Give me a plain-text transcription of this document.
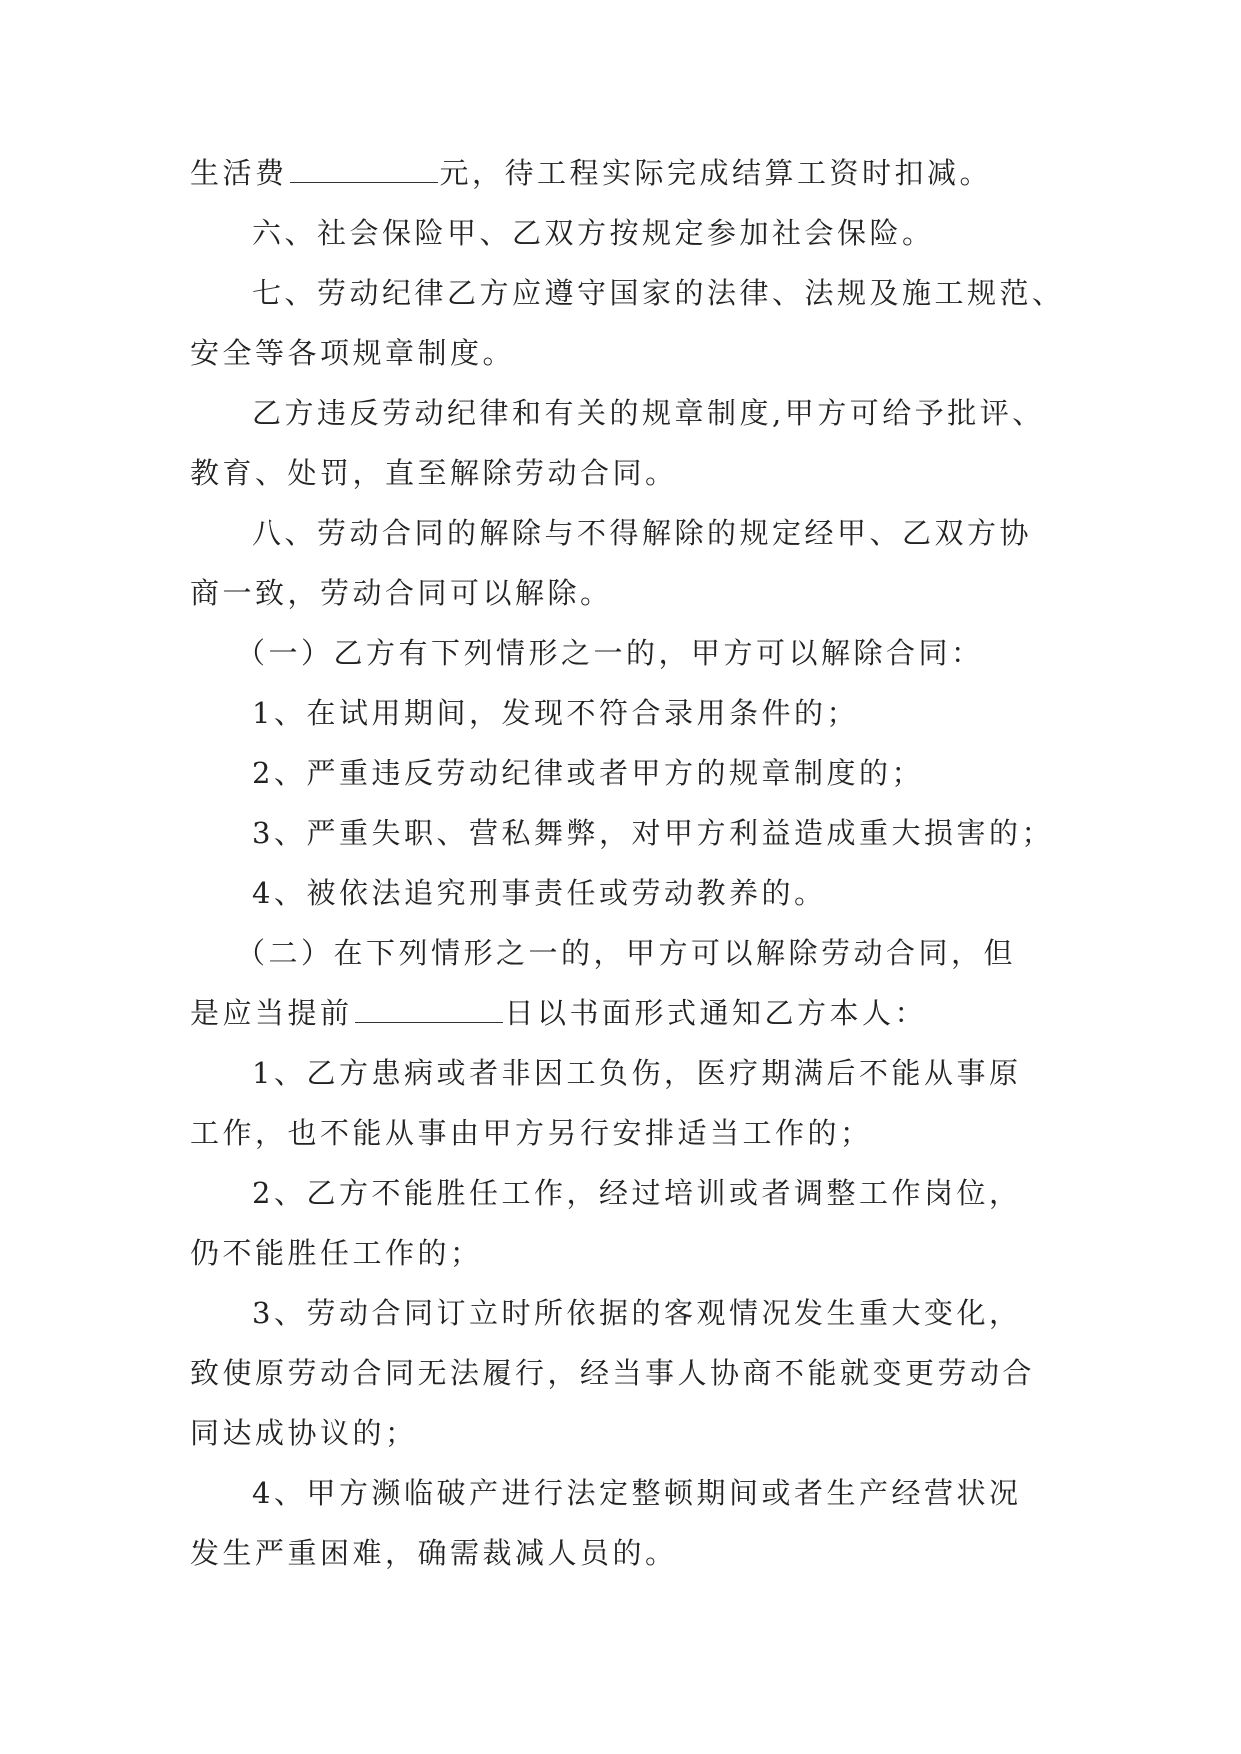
生活费	元，待工程实际完成结算工资时扣减。
六、社会保险甲、乙双方按规定参加社会保险。
七、劳动纪律乙方应遵守国家的法律、法规及施工规范、
安全等各项规章制度。
乙方违反劳动纪律和有关的规章制度,甲方可给予批评、
教育、处罚，直至解除劳动合同。
八、劳动合同的解除与不得解除的规定经甲、乙双方协
商一致，劳动合同可以解除。
（一）乙方有下列情形之一的，甲方可以解除合同：
1、在试用期间，发现不符合录用条件的；
2、严重违反劳动纪律或者甲方的规章制度的；
3、严重失职、营私舞弊，对甲方利益造成重大损害的；
4、被依法追究刑事责任或劳动教养的。
（二）在下列情形之一的，甲方可以解除劳动合同，但
是应当提前	日以书面形式通知乙方本人：
1、乙方患病或者非因工负伤，医疗期满后不能从事原
工作，也不能从事由甲方另行安排适当工作的；
2、乙方不能胜任工作，经过培训或者调整工作岗位，
仍不能胜任工作的；
3、劳动合同订立时所依据的客观情况发生重大变化，
致使原劳动合同无法履行，经当事人协商不能就变更劳动合
同达成协议的；
4、甲方濒临破产进行法定整顿期间或者生产经营状况
发生严重困难，确需裁减人员的。
